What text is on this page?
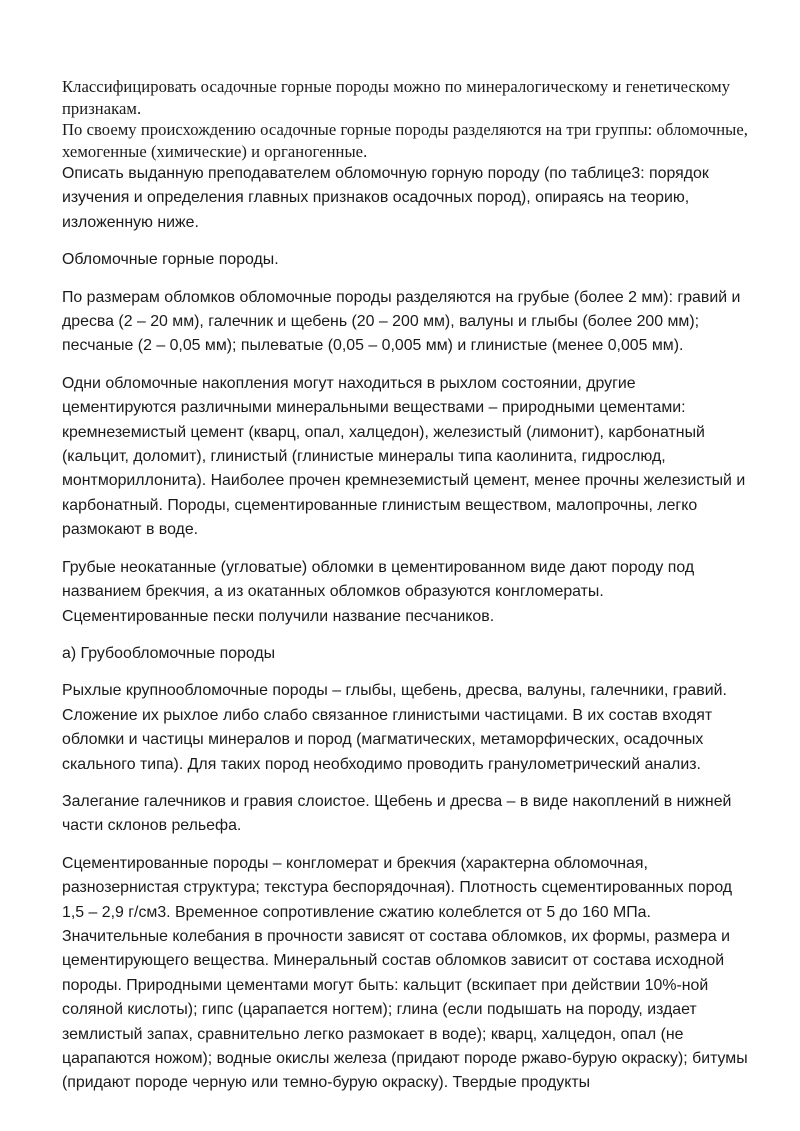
Классифицировать осадочные горные породы можно по минералогическому и генетическому признакам.

По своему происхождению осадочные горные породы разделяются на три группы: обломочные, хемогенные (химические) и органогенные.

Описать выданную преподавателем обломочную горную породу (по таблице3: порядок изучения и определения главных признаков осадочных пород), опираясь на теорию, изложенную ниже.

Обломочные горные породы.

По размерам обломков обломочные породы разделяются на грубые (более 2 мм): гравий и дресва (2 – 20 мм), галечник и щебень (20 – 200 мм), валуны и глыбы (более 200 мм); песчаные (2 – 0,05 мм); пылеватые (0,05 – 0,005 мм) и глинистые (менее 0,005 мм).

Одни обломочные накопления могут находиться в рыхлом состоянии, другие цементируются различными минеральными веществами – природными цементами: кремнеземистый цемент (кварц, опал, халцедон), железистый (лимонит), карбонатный (кальцит, доломит), глинистый (глинистые минералы типа каолинита, гидрослюд, монтмориллонита). Наиболее прочен кремнеземистый цемент, менее прочны железистый и карбонатный. Породы, сцементированные глинистым веществом, малопрочны, легко размокают в воде.

Грубые неокатанные (угловатые) обломки в цементированном виде дают породу под названием брекчия, а из окатанных обломков образуются конгломераты. Сцементированные пески получили название песчаников.

а) Грубообломочные породы

Рыхлые крупнообломочные породы – глыбы, щебень, дресва, валуны, галечники, гравий. Сложение их рыхлое либо слабо связанное глинистыми частицами. В их состав входят обломки и частицы минералов и пород (магматических, метаморфических, осадочных скального типа). Для таких пород необходимо проводить гранулометрический анализ.

Залегание галечников и гравия слоистое. Щебень и дресва – в виде накоплений в нижней части склонов рельефа.

Сцементированные породы – конгломерат и брекчия (характерна обломочная, разнозернистая структура; текстура беспорядочная). Плотность сцементированных пород 1,5 – 2,9 г/см3. Временное сопротивление сжатию колеблется от 5 до 160 МПа. Значительные колебания в прочности зависят от состава обломков, их формы, размера и цементирующего вещества. Минеральный состав обломков зависит от состава исходной породы. Природными цементами могут быть: кальцит (вскипает при действии 10%-ной соляной кислоты); гипс (царапается ногтем); глина (если подышать на породу, издает землистый запах, сравнительно легко размокает в воде); кварц, халцедон, опал (не царапаются ножом); водные окислы железа (придают породе ржаво-бурую окраску); битумы (придают породе черную или темно-бурую окраску). Твердые продукты
